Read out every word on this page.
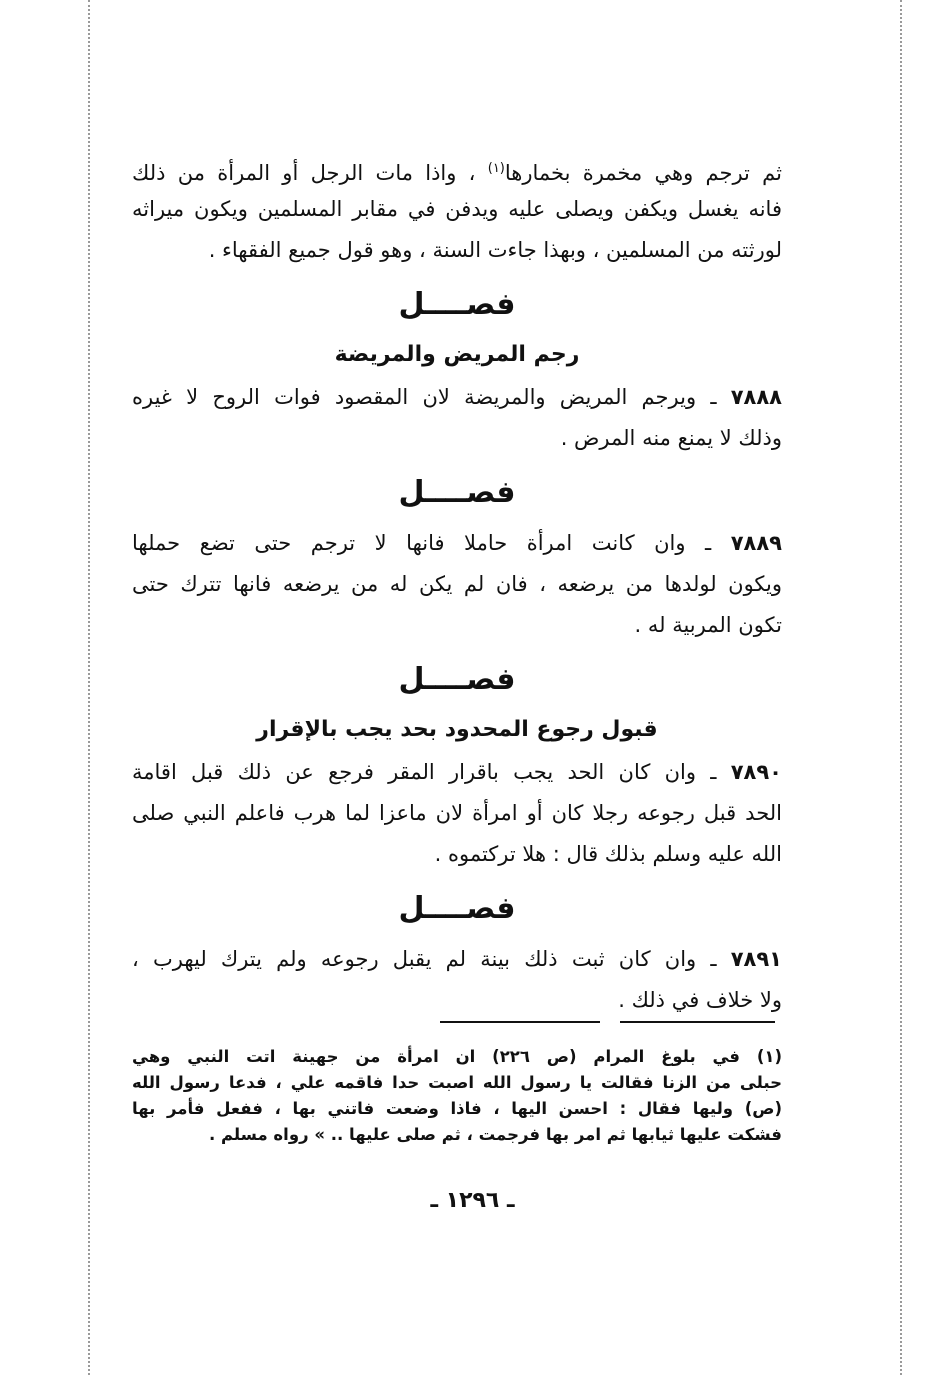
ثم ترجم وهي مخمرة بخمارها$^{(١)}$ ، واذا مات الرجل أو المرأة من ذلك
فانه يغسل ويكفن ويصلى عليه ويدفن في مقابر المسلمين ويكون ميراثه
لورثته من المسلمين ، وبهذا جاءت السنة ، وهو قول جميع الفقهاء .
فصــــل
رجم المريض والمريضة
٧٨٨٨ ـ ويرجم المريض والمريضة لان المقصود فوات الروح لا غيره
وذلك لا يمنع منه المرض .
فصــــل
٧٨٨٩ ـ وان كانت امرأة حاملا فانها لا ترجم حتى تضع حملها
ويكون لولدها من يرضعه ، فان لم يكن له من يرضعه فانها تترك حتى
تكون المربية له .
فصــــل
قبول رجوع المحدود بحد يجب بالإقرار
٧٨٩٠ ـ وان كان الحد يجب باقرار المقر فرجع عن ذلك قبل اقامة
الحد قبل رجوعه رجلا كان أو امرأة لان ماعزا لما هرب فاعلم النبي صلى
الله عليه وسلم بذلك قال : هلا تركتموه .
فصــــل
٧٨٩١ ـ وان كان ثبت ذلك بينة لم يقبل رجوعه ولم يترك ليهرب ،
ولا خلاف في ذلك .
(١) في بلوغ المرام (ص ٢٢٦) ان امرأة من جهينة اتت النبي وهي
حبلى من الزنا فقالت يا رسول الله اصبت حدا فاقمه علي ، فدعا رسول الله
(ص) وليها فقال : احسن اليها ، فاذا وضعت فاتني بها ، ففعل فأمر بها
فشكت عليها ثيابها ثم امر بها فرجمت ، ثم صلى عليها .. » رواه مسلم .
ـ ١٢٩٦ ـ
